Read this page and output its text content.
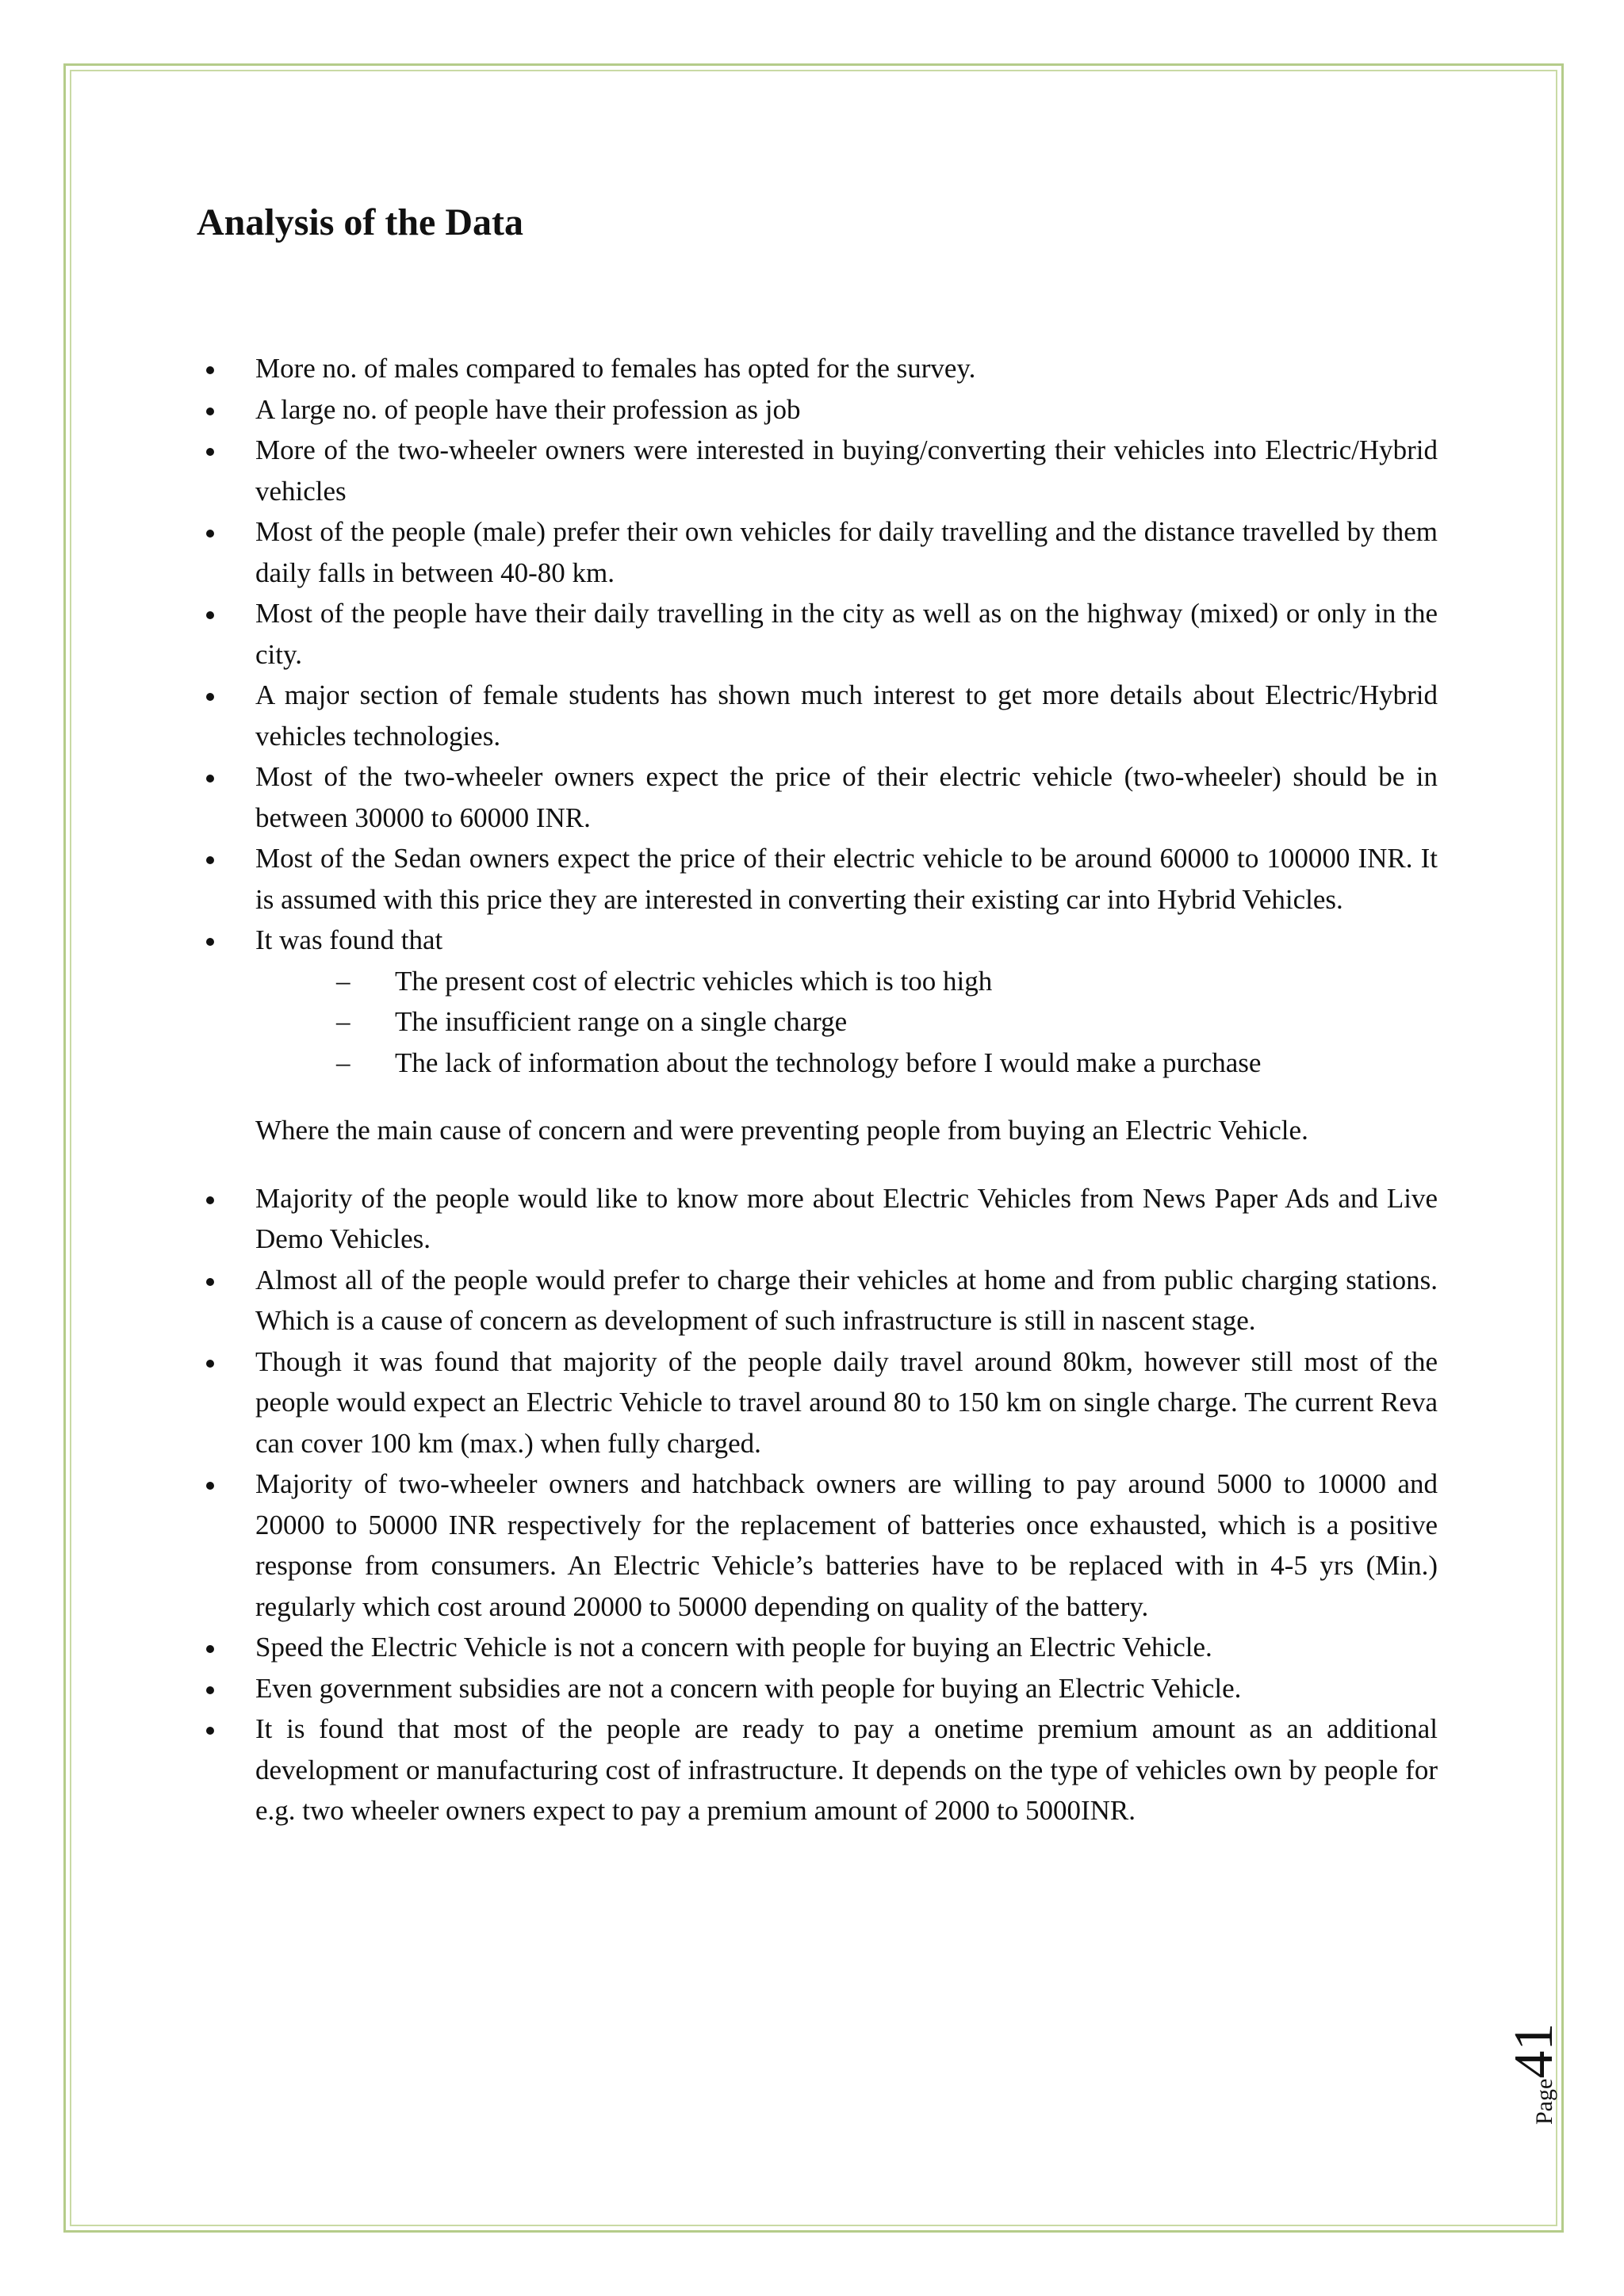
Analysis of the Data
More no. of males compared to females has opted for the survey.
A large no. of people have their profession as job
More of the two-wheeler owners were interested in buying/converting their vehicles into Electric/Hybrid vehicles
Most of the people (male) prefer their own vehicles for daily travelling and the distance travelled by them daily falls in between 40-80 km.
Most of the people have their daily travelling in the city as well as on the highway (mixed) or only in the city.
A major section of female students has shown much interest to get more details about Electric/Hybrid vehicles technologies.
Most of the two-wheeler owners expect the price of their electric vehicle (two-wheeler) should be in between 30000 to 60000 INR.
Most of the Sedan owners expect the price of their electric vehicle to be around 60000 to 100000 INR. It is assumed with this price they are interested in converting their existing car into Hybrid Vehicles.
It was found that
– The present cost of electric vehicles which is too high
– The insufficient range on a single charge
– The lack of information about the technology before I would make a purchase

Where the main cause of concern and were preventing people from buying an Electric Vehicle.

Majority of the people would like to know more about Electric Vehicles from News Paper Ads and Live Demo Vehicles.
Almost all of the people would prefer to charge their vehicles at home and from public charging stations. Which is a cause of concern as development of such infrastructure is still in nascent stage.
Though it was found that majority of the people daily travel around 80km, however still most of the people would expect an Electric Vehicle to travel around 80 to 150 km on single charge. The current Reva can cover 100 km (max.) when fully charged.
Majority of two-wheeler owners and hatchback owners are willing to pay around 5000 to 10000 and 20000 to 50000 INR respectively for the replacement of batteries once exhausted, which is a positive response from consumers. An Electric Vehicle’s batteries have to be replaced with in 4-5 yrs (Min.) regularly which cost around 20000 to 50000 depending on quality of the battery.
Speed the Electric Vehicle is not a concern with people for buying an Electric Vehicle.
Even government subsidies are not a concern with people for buying an Electric Vehicle.
It is found that most of the people are ready to pay a onetime premium amount as an additional development or manufacturing cost of infrastructure. It depends on the type of vehicles own by people for e.g. two wheeler owners expect to pay a premium amount of 2000 to 5000INR.
Page41
